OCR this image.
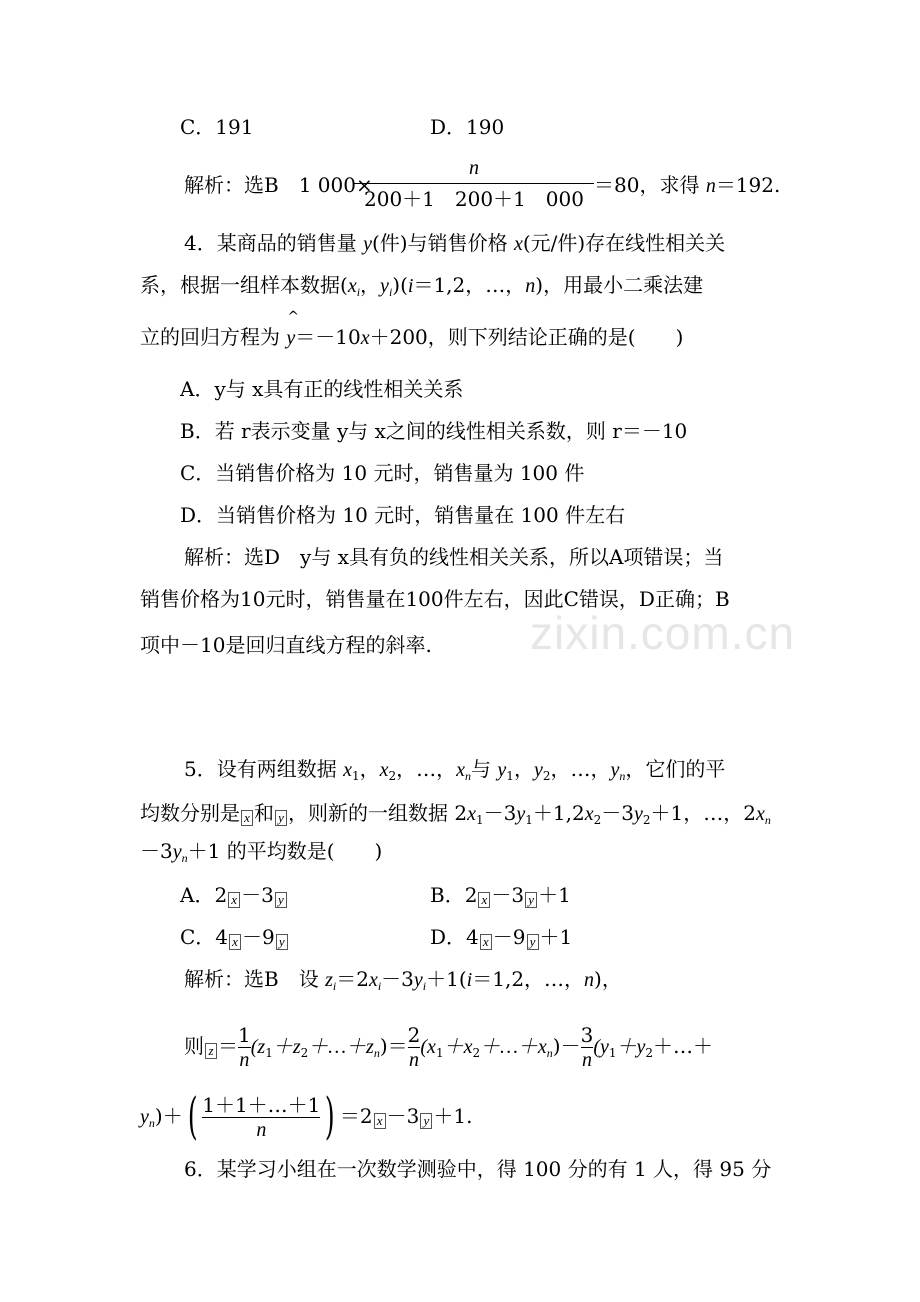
zixin.com.cn
C．191	D．190
解析：选B　1 000×
n
200＋1　200＋1　000
＝80，求得 n＝192.
4．某商品的销售量 y(件)与销售价格 x(元/件)存在线性相关关
系，根据一组样本数据($x_i$，$y_i)(i=1,2$，…，n)，用最小二乘法建
立的回归方程为
^
y＝－10x＋200，则下列结论正确的是(　　)
A．y与 x具有正的线性相关关系
B．若 r表示变量 y与 x之间的线性相关系数，则 r＝－10
C．当销售价格为 10 元时，销售量为 100 件
D．当销售价格为 10 元时，销售量在 100 件左右
解析：选D　y与 x具有负的线性相关关系，所以A项错误；当
销售价格为10元时，销售量在100件左右，因此C错误，D正确；B
项中－10是回归直线方程的斜率.
5．设有两组数据 $x_1$，$x_2$，…，$x_n$与 $y_1$，$y_2$，…，$y_n$，它们的平
均数分别是 x 和 y ，则新的一组数据 $2x_1-3y_1+1,2x_2-3y_2+1$，…，$2x_n$
$-3y_n+1$ 的平均数是(　　)
A．2 x －3 y	B．2 x －3 y ＋1
C．4 x －9 y	D．4 x －9 y ＋1
解析：选B　设 $z_i=2x_i-3y_i+1(i=1,2$，…，n)，
则 $z = \frac{1}{n}$ $(z_1+z_2+\dots+z_n)= \frac{2}{n}$ $(x_1+x_2+\dots+x_n)- \frac{3}{n}$ ($y_1+y_2+\dots+$
$y_n)+( \frac{1+1+\dots+1}{n}$ ) ＝2 x －3 y ＋1.
6．某学习小组在一次数学测验中，得 100 分的有 1 人，得 95 分
